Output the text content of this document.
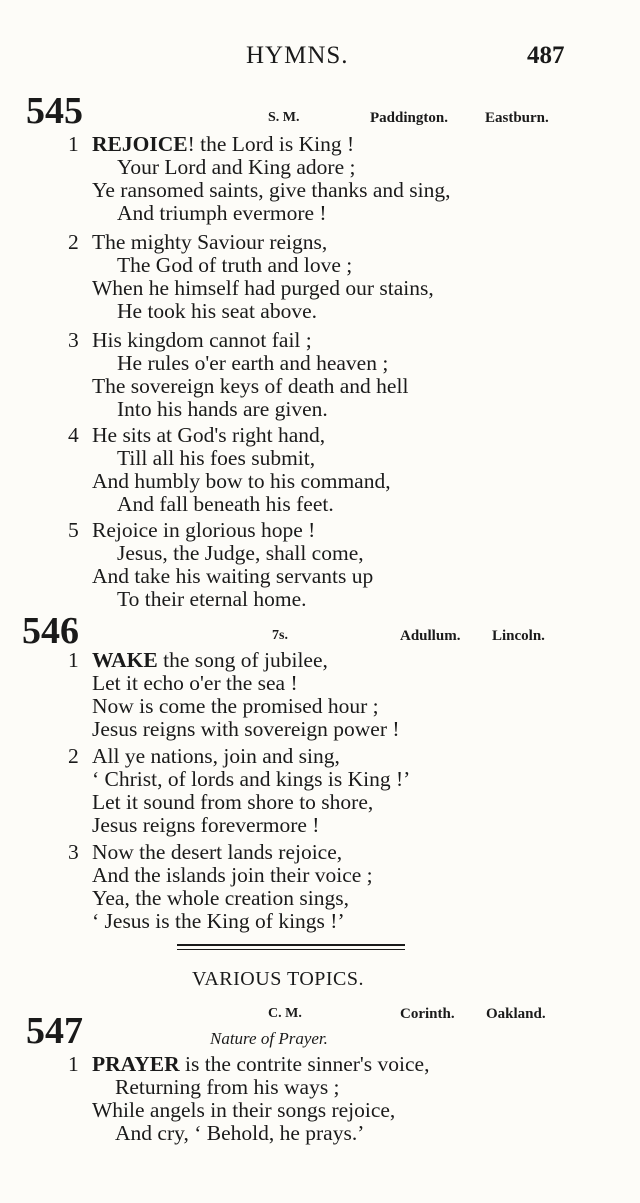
HYMNS.	487
545	S. M.	Paddington. Eastburn.
1 REJOICE! the Lord is King !
Your Lord and King adore ;
Ye ransomed saints, give thanks and sing,
And triumph evermore !
2 The mighty Saviour reigns,
The God of truth and love ;
When he himself had purged our stains,
He took his seat above.
3 His kingdom cannot fail ;
He rules o'er earth and heaven ;
The sovereign keys of death and hell
Into his hands are given.
4 He sits at God's right hand,
Till all his foes submit,
And humbly bow to his command,
And fall beneath his feet.
5 Rejoice in glorious hope !
Jesus, the Judge, shall come,
And take his waiting servants up
To their eternal home.
546	7s.	Adullum. Lincoln.
1 WAKE the song of jubilee,
Let it echo o'er the sea !
Now is come the promised hour ;
Jesus reigns with sovereign power !
2 All ye nations, join and sing,
‘ Christ, of lords and kings is King !’
Let it sound from shore to shore,
Jesus reigns forevermore !
3 Now the desert lands rejoice,
And the islands join their voice ;
Yea, the whole creation sings,
‘ Jesus is the King of kings !’
VARIOUS TOPICS.
C. M.	Corinth. Oakland.
547	Nature of Prayer.
1 PRAYER is the contrite sinner's voice,
Returning from his ways ;
While angels in their songs rejoice,
And cry, ‘ Behold, he prays.’
